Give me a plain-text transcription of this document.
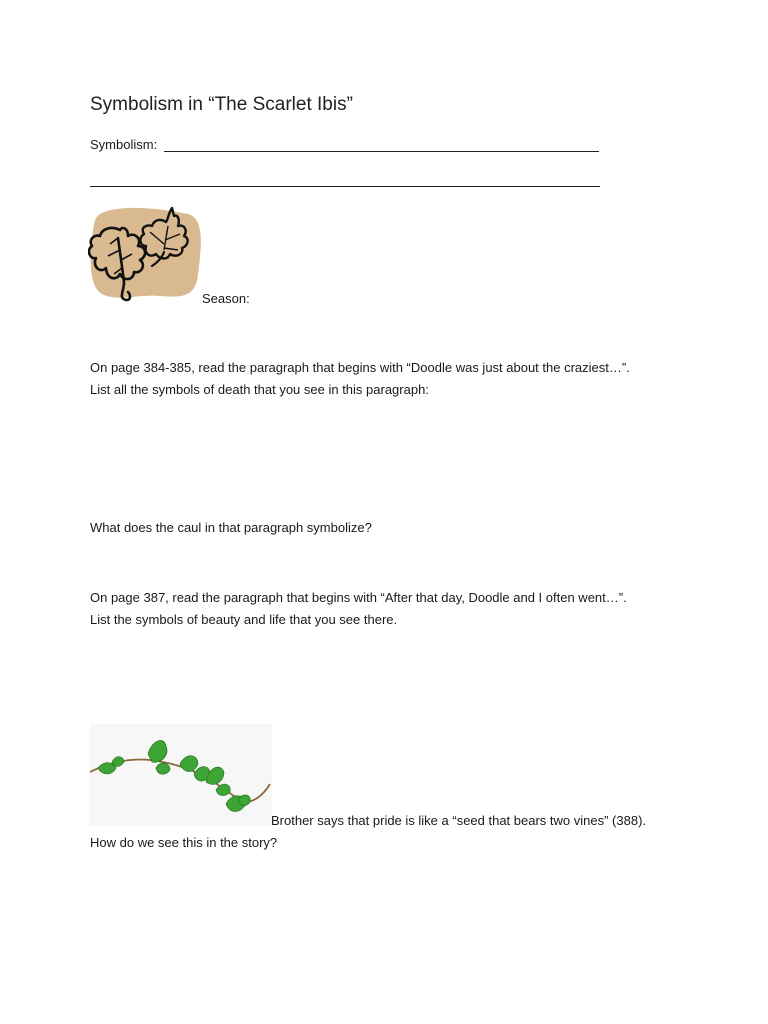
Symbolism in “The Scarlet Ibis”
Symbolism:
Season:
On page 384-385, read the paragraph that begins with “Doodle was just about the craziest…”.
List all the symbols of death that you see in this paragraph:
What does the caul in that paragraph symbolize?
On page 387, read the paragraph that begins with “After that day, Doodle and I often went…”.
List the symbols of beauty and life that you see there.
Brother says that pride is like a “seed that bears two vines” (388).
How do we see this in the story?
